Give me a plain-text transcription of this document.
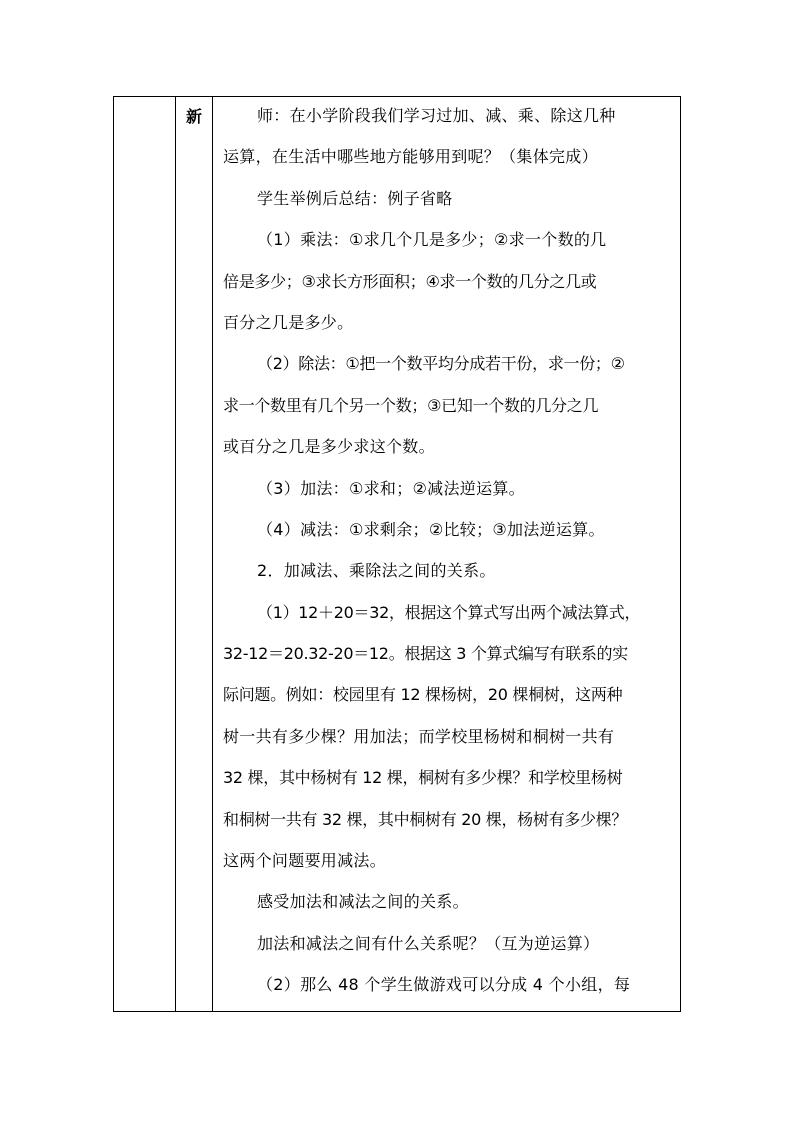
新	师：在小学阶段我们学习过加、减、乘、除这几种
运算，在生活中哪些地方能够用到呢？（集体完成）
学生举例后总结：例子省略
（1）乘法：①求几个几是多少；②求一个数的几
倍是多少；③求长方形面积；④求一个数的几分之几或
百分之几是多少。
（2）除法：①把一个数平均分成若干份，求一份；②
求一个数里有几个另一个数；③已知一个数的几分之几
或百分之几是多少求这个数。
（3）加法：①求和；②减法逆运算。
（4）减法：①求剩余；②比较；③加法逆运算。
2．加减法、乘除法之间的关系。
（1）12＋20＝32，根据这个算式写出两个减法算式，
32-12＝20.32-20＝12。根据这 3 个算式编写有联系的实
际问题。例如：校园里有 12 棵杨树，20 棵桐树，这两种
树一共有多少棵？用加法；而学校里杨树和桐树一共有
32 棵，其中杨树有 12 棵，桐树有多少棵？和学校里杨树
和桐树一共有 32 棵，其中桐树有 20 棵，杨树有多少棵？
这两个问题要用减法。
感受加法和减法之间的关系。
加法和减法之间有什么关系呢？（互为逆运算）
（2）那么 48 个学生做游戏可以分成 4 个小组，每
